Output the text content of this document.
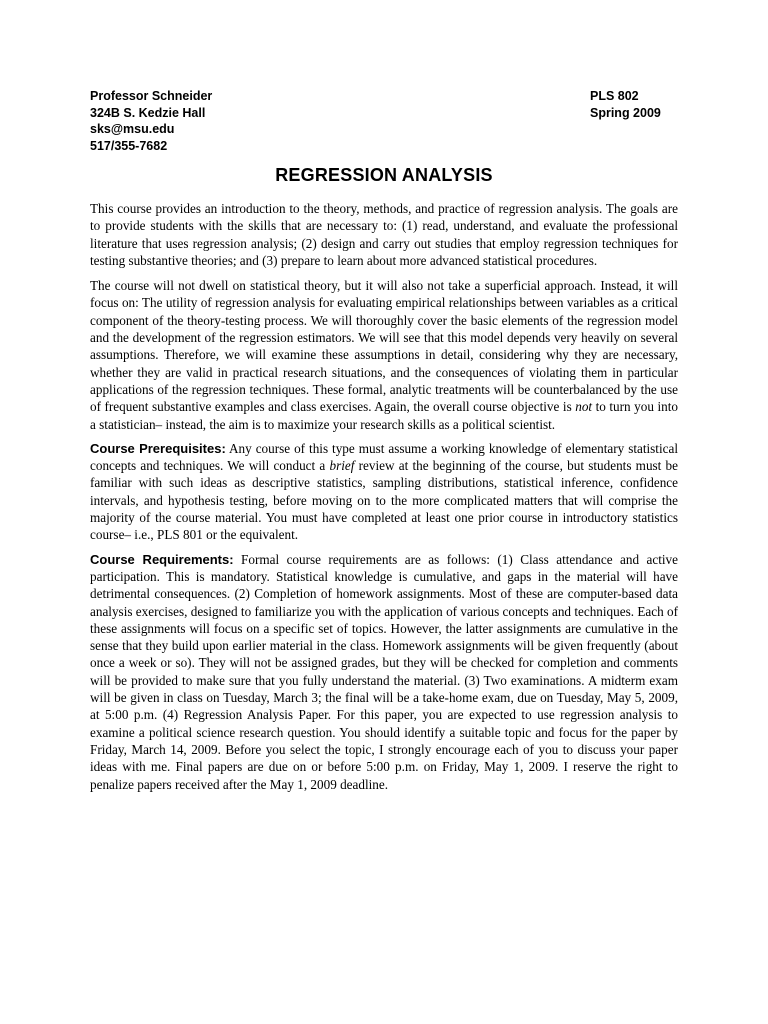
Professor Schneider
324B S. Kedzie Hall
sks@msu.edu
517/355-7682
PLS 802
Spring 2009
REGRESSION ANALYSIS

This course provides an introduction to the theory, methods, and practice of regression analysis. The goals are to provide students with the skills that are necessary to: (1) read, understand, and evaluate the professional literature that uses regression analysis; (2) design and carry out studies that employ regression techniques for testing substantive theories; and (3) prepare to learn about more advanced statistical procedures.

The course will not dwell on statistical theory, but it will also not take a superficial approach. Instead, it will focus on: The utility of regression analysis for evaluating empirical relationships between variables as a critical component of the theory-testing process. We will thoroughly cover the basic elements of the regression model and the development of the regression estimators. We will see that this model depends very heavily on several assumptions. Therefore, we will examine these assumptions in detail, considering why they are necessary, whether they are valid in practical research situations, and the consequences of violating them in particular applications of the regression techniques. These formal, analytic treatments will be counterbalanced by the use of frequent substantive examples and class exercises. Again, the overall course objective is not to turn you into a statistician– instead, the aim is to maximize your research skills as a political scientist.

Course Prerequisites: Any course of this type must assume a working knowledge of elementary statistical concepts and techniques. We will conduct a brief review at the beginning of the course, but students must be familiar with such ideas as descriptive statistics, sampling distributions, statistical inference, confidence intervals, and hypothesis testing, before moving on to the more complicated matters that will comprise the majority of the course material. You must have completed at least one prior course in introductory statistics course– i.e., PLS 801 or the equivalent.

Course Requirements: Formal course requirements are as follows: (1) Class attendance and active participation. This is mandatory. Statistical knowledge is cumulative, and gaps in the material will have detrimental consequences. (2) Completion of homework assignments. Most of these are computer-based data analysis exercises, designed to familiarize you with the application of various concepts and techniques. Each of these assignments will focus on a specific set of topics. However, the latter assignments are cumulative in the sense that they build upon earlier material in the class. Homework assignments will be given frequently (about once a week or so). They will not be assigned grades, but they will be checked for completion and comments will be provided to make sure that you fully understand the material. (3) Two examinations. A midterm exam will be given in class on Tuesday, March 3; the final will be a take-home exam, due on Tuesday, May 5, 2009, at 5:00 p.m. (4) Regression Analysis Paper. For this paper, you are expected to use regression analysis to examine a political science research question. You should identify a suitable topic and focus for the paper by Friday, March 14, 2009. Before you select the topic, I strongly encourage each of you to discuss your paper ideas with me. Final papers are due on or before 5:00 p.m. on Friday, May 1, 2009. I reserve the right to penalize papers received after the May 1, 2009 deadline.
